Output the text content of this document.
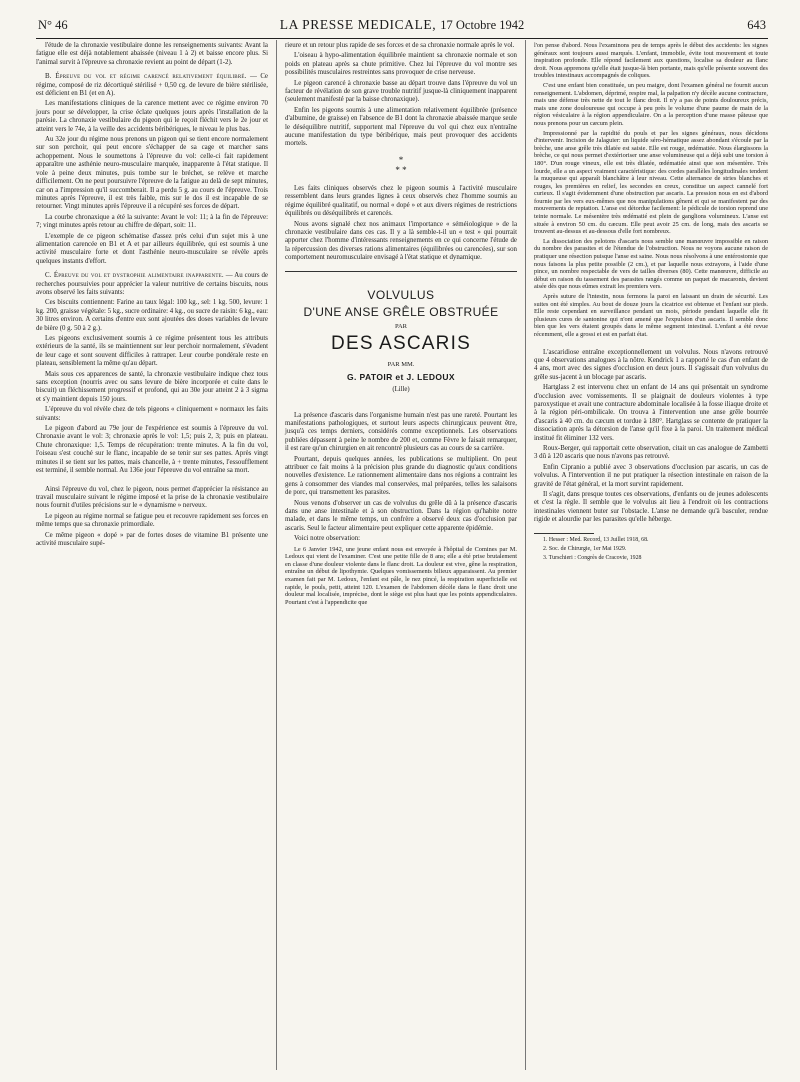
N° 46	LA PRESSE MEDICALE, 17 Octobre 1942	643

l'étude de la chronaxie vestibulaire donne les renseignements suivants: Avant la fatigue elle est déjà notablement abaissée (niveau 1 à 2) et baisse encore plus. Si l'animal survit à l'épreuve sa chronaxie revient au point de départ (1-2).

B. Épreuve du vol et régime carencé relativement équilibré. — Ce régime, composé de riz décortiqué stérilisé + 0,50 cg. de levure de bière stérilisée, est déficient en B1 (et en A).

Les manifestations cliniques de la carence mettent avec ce régime environ 70 jours pour se développer, la crise éclate quelques jours après l'installation de la parésie. La chronaxie vestibulaire du pigeon qui le reçoit fléchit vers le 2e jour et atteint vers le 74e, à la veille des accidents béribériques, le niveau le plus bas.

Au 32e jour du régime nous prenons un pigeon qui se tient encore normalement sur son perchoir, qui peut encore s'échapper de sa cage et marcher sans achoppement. Nous le soumettons à l'épreuve du vol: celle-ci fait rapidement apparaître une asthénie neuro-musculaire marquée, inapparente à l'état statique. Il vole à peine deux minutes, puis tombe sur le bréchet, se relève et marche difficilement. On ne peut poursuivre l'épreuve de la fatigue au delà de sept minutes, car on a l'impression qu'il succomberait. Il a perdu 5 g. au cours de l'épreuve. Trois minutes après l'épreuve, il est très faible, mis sur le dos il est incapable de se retourner. Vingt minutes après l'épreuve il a récupéré ses forces de départ.

La courbe chronaxique a été la suivante: Avant le vol: 11; à la fin de l'épreuve: 7; vingt minutes après retour au chiffre de départ, soit: 11.

L'exemple de ce pigeon schématise d'assez près celui d'un sujet mis à une alimentation carencée en B1 et A et par ailleurs équilibrée, qui est soumis à une activité musculaire forte et dont l'asthénie neuro-musculaire se révèle après quelques instants d'effort.

C. Épreuve du vol et dystrophie alimentaire inapparente. — Au cours de recherches poursuivies pour apprécier la valeur nutritive de certains biscuits, nous avons observé les faits suivants:

Ces biscuits contiennent: Farine au taux légal: 100 kg., sel: 1 kg. 500, levure: 1 kg. 200, graisse végétale: 5 kg., sucre ordinaire: 4 kg., ou sucre de raisin: 6 kg., eau: 30 litres environ. A certains d'entre eux sont ajoutées des doses variables de levure de bière (0 g. 50 à 2 g.).

Les pigeons exclusivement soumis à ce régime présentent tous les attributs extérieurs de la santé, ils se maintiennent sur leur perchoir normalement, s'évadent de leur cage et sont souvent difficiles à rattraper. Leur courbe pondérale reste en plateau, sensiblement la même qu'au départ.

Mais sous ces apparences de santé, la chronaxie vestibulaire indique chez tous sans exception (nourris avec ou sans levure de bière incorporée et cuite dans le biscuit) un fléchissement progressif et profond, qui au 30e jour atteint 2 à 3 sigma et s'y maintient depuis 150 jours.

L'épreuve du vol révèle chez de tels pigeons « cliniquement » normaux les faits suivants:

Le pigeon d'abord au 79e jour de l'expérience est soumis à l'épreuve du vol. Chronaxie avant le vol: 3; chronaxie après le vol: 1,5; puis 2, 3; puis en plateau. Chute chronaxique: 1,5. Temps de récupération: trente minutes. A la fin du vol, l'oiseau s'est couché sur le flanc, incapable de se tenir sur ses pattes. Après vingt minutes il se tient sur les pattes, mais chancelle, à + trente minutes, l'essoufflement est terminé, il semble normal. Au 136e jour l'épreuve du vol entraîne sa mort.

Ainsi l'épreuve du vol, chez le pigeon, nous permet d'apprécier la résistance au travail musculaire suivant le régime imposé et la prise de la chronaxie vestibulaire nous fournit d'utiles précisions sur le « dynamisme » nerveux.

Le pigeon au régime normal se fatigue peu et recouvre rapidement ses forces en même temps que sa chronaxie primordiale.

Ce même pigeon « dopé » par de fortes doses de vitamine B1 présente une activité musculaire supé-

rieure et un retour plus rapide de ses forces et de sa chronaxie normale après le vol.

L'oiseau à hypo-alimentation équilibrée maintient sa chronaxie normale et son poids en plateau après sa chute primitive. Chez lui l'épreuve du vol montre ses possibilités musculaires restreintes sans provoquer de crise nerveuse.

Le pigeon carencé à chronaxie basse au départ trouve dans l'épreuve du vol un facteur de révélation de son grave trouble nutritif jusque-là cliniquement inapparent (seulement manifesté par la baisse chronaxique).

Enfin les pigeons soumis à une alimentation relativement équilibrée (présence d'albumine, de graisse) en l'absence de B1 dont la chronaxie abaissée marque seule le déséquilibre nutritif, supportent mal l'épreuve du vol qui chez eux n'entraîne aucune manifestation du type béribérique, mais peut provoquer des accidents mortels.

*
* *

Les faits cliniques observés chez le pigeon soumis à l'activité musculaire ressemblent dans leurs grandes lignes à ceux observés chez l'homme soumis au régime équilibré qualitatif, ou normal « dopé » et aux divers régimes de restrictions équilibrés ou déséquilibrés et carencés.

Nous avons signalé chez nos animaux l'importance « séméiologique » de la chronaxie vestibulaire dans ces cas. Il y a là semble-t-il un « test » qui pourrait apporter chez l'homme d'intéressants renseignements en ce qui concerne l'étude de la répercussion des diverses rations alimentaires (équilibrées ou carencées), sur son comportement neuromusculaire envisagé à l'état statique et dynamique.

VOLVULUS
D'UNE ANSE GRÊLE OBSTRUÉE
PAR
DES ASCARIS
PAR MM.
G. PATOIR et J. LEDOUX
(Lille)

La présence d'ascaris dans l'organisme humain n'est pas une rareté. Pourtant les manifestations pathologiques, et surtout leurs aspects chirurgicaux peuvent être, jusqu'à ces temps derniers, considérés comme exceptionnels. Les observations publiées dépassent à peine le nombre de 200 et, comme Fèvre le faisait remarquer, il est rare qu'un chirurgien en ait rencontré plusieurs cas au cours de sa carrière.

Pourtant, depuis quelques années, les publications se multiplient. On peut attribuer ce fait moins à la précision plus grande du diagnostic qu'aux conditions nouvelles d'existence. Le rationnement alimentaire dans nos régions a contraint les gens à consommer des viandes mal conservées, mal préparées, telles les salaisons de porc, qui transmettent les parasites.

Nous venons d'observer un cas de volvulus du grêle dû à la présence d'ascaris dans une anse intestinale et à son obstruction. Dans la région qu'habite notre malade, et dans le même temps, un confrère a observé deux cas d'occlusion par ascaris. Seul le facteur alimentaire peut expliquer cette apparente épidémie.

Voici notre observation:

Le 6 Janvier 1942, une jeune enfant nous est envoyée à l'hôpital de Comines par M. Ledoux qui vient de l'examiner. C'est une petite fille de 8 ans; elle a été prise brutalement en classe d'une douleur violente dans le flanc droit. La douleur est vive, gêne la respiration, entraîne un début de lipothymie. Quelques vomissements bilieux apparaissent. Au premier examen fait par M. Ledoux, l'enfant est pâle, le nez pincé, la respiration superficielle est rapide, le pouls, petit, atteint 120. L'examen de l'abdomen décèle dans le flanc droit une douleur mal localisée, imprécise, dont le siège est plus haut que les points appendiculaires. Pourtant c'est à l'appendicite que

l'on pense d'abord. Nous l'examinons peu de temps après le début des accidents: les signes généraux sont toujours aussi marqués. L'enfant, immobile, évite tout mouvement et toute inspiration profonde. Elle répond facilement aux questions, localise sa douleur au flanc droit. Nous apprenons qu'elle était jusque-là bien portante, mais qu'elle présente souvent des troubles intestinaux accompagnés de coliques.

C'est une enfant bien constituée, un peu maigre, dont l'examen général ne fournit aucun renseignement. L'abdomen, déprimé, respire mal, la palpation n'y décèle aucune contracture, mais une défense très nette de tout le flanc droit. Il n'y a pas de points douloureux précis, mais une zone douloureuse qui occupe à peu près le volume d'une paume de main de la région vésiculaire à la région appendiculaire. On a la perception d'une masse pâteuse que nous prenons pour un cæcum plein.

Impressionné par la rapidité du pouls et par les signes généraux, nous décidons d'intervenir. Incision de Jalaguier: un liquide séro-hématique assez abondant s'écoule par la brèche, une anse grêle très dilatée est saisie. Elle est rouge, œdématiée. Nous élargissons la brèche, ce qui nous permet d'extérioriser une anse volumineuse qui a déjà subi une torsion à 180°. D'un rouge vineux, elle est très dilatée, œdématiée ainsi que son mésentère. Très lourde, elle a un aspect vraiment caractéristique: des cordes parallèles longitudinales tendent la muqueuse qui apparaît blanchâtre à leur niveau. Cette alternance de stries blanches et rouges, les premières en relief, les secondes en creux, constitue un aspect cannelé fort curieux. Il s'agit évidemment d'une obstruction par ascaris. La pression nous en est d'abord fournie par les vers eux-mêmes que nos manipulations gênent et qui se manifestent par des mouvements de reptation. L'anse est détordue facilement: le pédicule de torsion reprend une teinte normale. Le mésentère très œdématié est plein de ganglions volumineux. L'anse est située à environ 50 cm. du cæcum. Elle peut avoir 25 cm. de long, mais des ascaris se trouvent au-dessus et au-dessous d'elle fort nombreux.

La dissociation des pelotons d'ascaris nous semble une manœuvre impossible en raison du nombre des parasites et de l'étendue de l'obstruction. Nous ne voyons aucune raison de pratiquer une résection puisque l'anse est saine. Nous nous résolvons à une entérostomie que nous faisons la plus petite possible (2 cm.), et par laquelle nous extrayons, à l'aide d'une pince, un nombre respectable de vers de tailles diverses (80). Cette manœuvre, difficile au début en raison du tassement des parasites rangés comme un paquet de macaronis, devient aisée dès que nous eûmes extrait les premiers vers.

Après suture de l'intestin, nous fermons la paroi en laissant un drain de sécurité. Les suites ont été simples. Au bout de douze jours la cicatrice est obtenue et l'enfant sur pieds. Elle reste cependant en surveillance pendant un mois, période pendant laquelle elle fit plusieurs cures de santonine qui n'ont amené que l'expulsion d'un ascaris. Il semble donc bien que les vers étaient groupés dans le même segment intestinal. L'enfant a été revue récemment, elle a grossi et est en parfait état.

L'ascaridiose entraîne exceptionnellement un volvulus. Nous n'avons retrouvé que 4 observations analogues à la nôtre. Kendrick 1 a rapporté le cas d'un enfant de 4 ans, mort avec des signes d'occlusion en deux jours. Il s'agissait d'un volvulus du grêle sus-jacent à un blocage par ascaris.

Hartglass 2 est intervenu chez un enfant de 14 ans qui présentait un syndrome d'occlusion avec vomissements. Il se plaignait de douleurs violentes à type paroxystique et avait une contracture abdominale localisée à la fosse iliaque droite et à la région péri-ombilicale. On trouva à l'intervention une anse grêle bourrée d'ascaris à 40 cm. du cæcum et tordue à 180°. Hartglass se contente de pratiquer la dissociation après la détorsion de l'anse qu'il fixe à la paroi. Un traitement médical institué fit éliminer 132 vers.

Roux-Berger, qui rapportait cette observation, citait un cas analogue de Zambetti 3 dû à 120 ascaris que nous n'avons pas retrouvé.

Enfin Cipranio a publié avec 3 observations d'occlusion par ascaris, un cas de volvulus. A l'intervention il ne put pratiquer la résection intestinale en raison de la gravité de l'état général, et la mort survint rapidement.

Il s'agit, dans presque toutes ces observations, d'enfants ou de jeunes adolescents et c'est la règle. Il semble que le volvulus ait lieu à l'endroit où les contractions intestinales viennent buter sur l'obstacle. L'anse ne demande qu'à basculer, rendue rigide et alourdie par les parasites qu'elle héberge.

1. Hesser : Med. Record, 13 Juillet 1918, 68.

2. Soc. de Chirurgie, 1er Mai 1929.

3. Turschieri : Congrès de Cracovie, 1928
